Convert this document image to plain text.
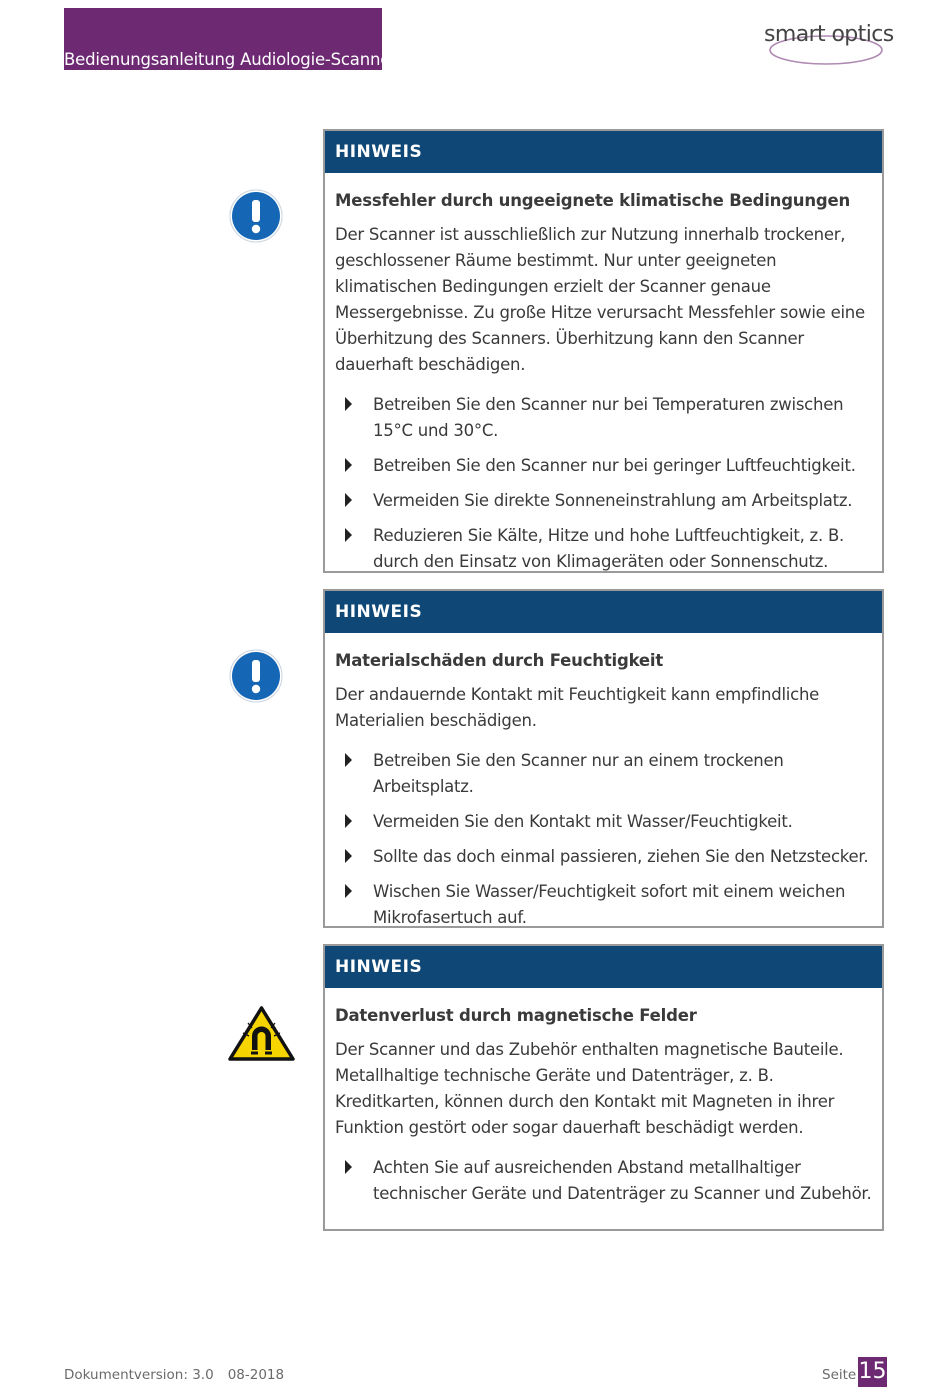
Bedienungsanleitung Audiologie-Scanner
smart optics
HINWEIS

Messfehler durch ungeeignete klimatische Bedingungen

Der Scanner ist ausschließlich zur Nutzung innerhalb trockener, geschlossener Räume bestimmt. Nur unter geeigneten klimatischen Bedingungen erzielt der Scanner genaue Messergebnisse. Zu große Hitze verursacht Messfehler sowie eine Überhitzung des Scanners. Überhitzung kann den Scanner dauerhaft beschädigen.

Betreiben Sie den Scanner nur bei Temperaturen zwischen 15°C und 30°C.
Betreiben Sie den Scanner nur bei geringer Luftfeuchtigkeit.
Vermeiden Sie direkte Sonneneinstrahlung am Arbeitsplatz.
Reduzieren Sie Kälte, Hitze und hohe Luftfeuchtigkeit, z. B. durch den Einsatz von Klimageräten oder Sonnenschutz.
HINWEIS

Materialschäden durch Feuchtigkeit

Der andauernde Kontakt mit Feuchtigkeit kann empfindliche Materialien beschädigen.

Betreiben Sie den Scanner nur an einem trockenen Arbeitsplatz.
Vermeiden Sie den Kontakt mit Wasser/Feuchtigkeit.
Sollte das doch einmal passieren, ziehen Sie den Netzstecker.
Wischen Sie Wasser/Feuchtigkeit sofort mit einem weichen Mikrofasertuch auf.
HINWEIS

Datenverlust durch magnetische Felder

Der Scanner und das Zubehör enthalten magnetische Bauteile. Metallhaltige technische Geräte und Datenträger, z. B. Kreditkarten, können durch den Kontakt mit Magneten in ihrer Funktion gestört oder sogar dauerhaft beschädigt werden.

Achten Sie auf ausreichenden Abstand metallhaltiger technischer Geräte und Datenträger zu Scanner und Zubehör.
Dokumentversion: 3.0 08-2018	Seite 15
